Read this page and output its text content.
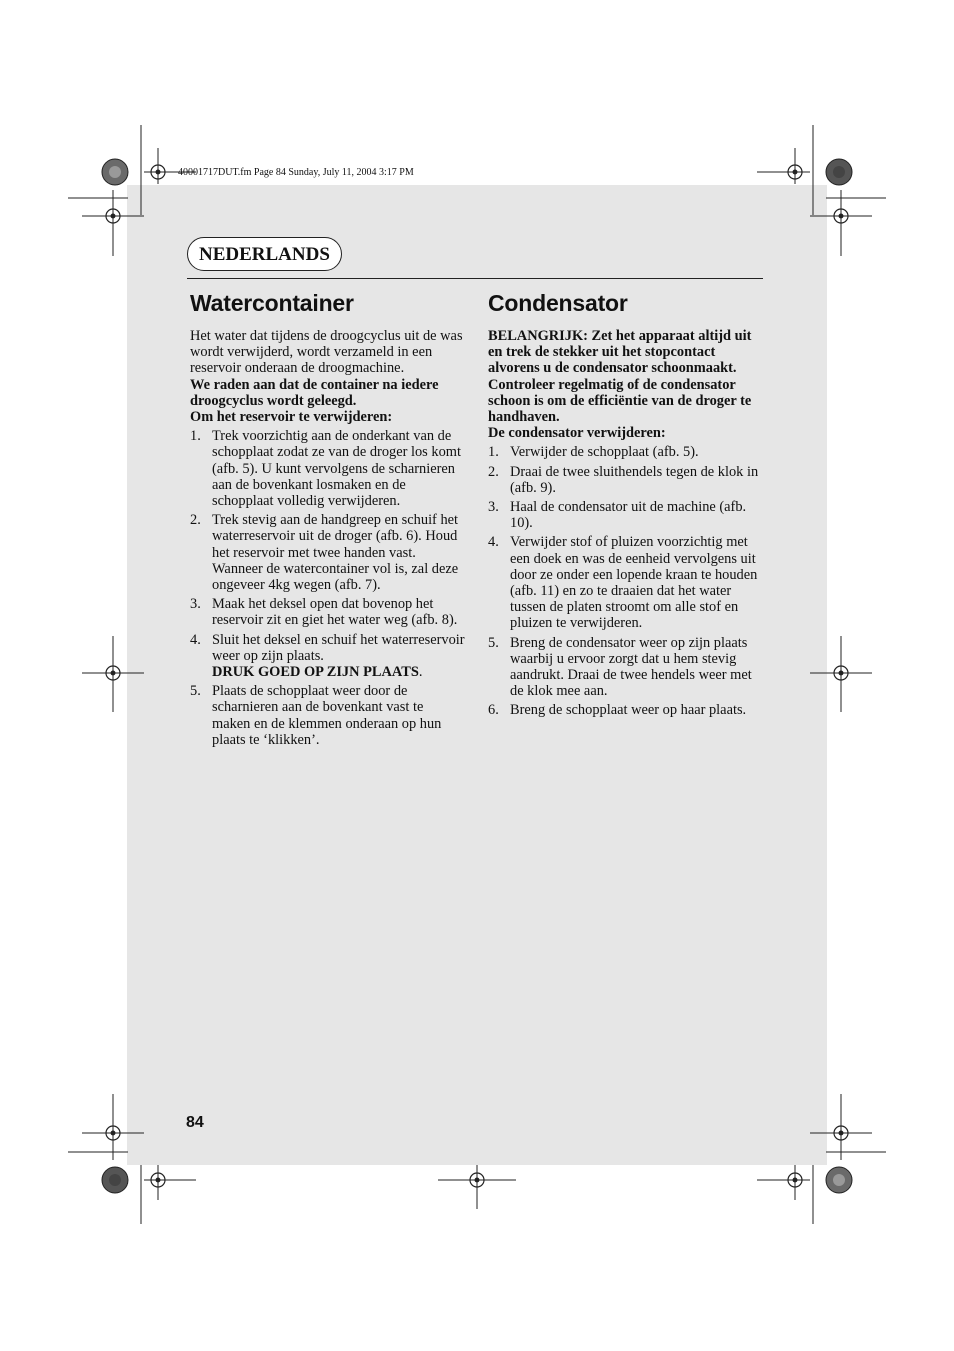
40001717DUT.fm Page 84 Sunday, July 11, 2004 3:17 PM
NEDERLANDS
Watercontainer

Het water dat tijdens de droogcyclus uit de was wordt verwijderd, wordt verzameld in een reservoir onderaan de droogmachine.

We raden aan dat de container na iedere droogcyclus wordt geleegd.

Om het reservoir te verwijderen:

1. Trek voorzichtig aan de onderkant van de schopplaat zodat ze van de droger los komt (afb. 5). U kunt vervolgens de scharnieren aan de bovenkant losmaken en de schopplaat volledig verwijderen.
2. Trek stevig aan de handgreep en schuif het waterreservoir uit de droger (afb. 6). Houd het reservoir met twee handen vast. Wanneer de watercontainer vol is, zal deze ongeveer 4kg wegen (afb. 7).
3. Maak het deksel open dat bovenop het reservoir zit en giet het water weg (afb. 8).
4. Sluit het deksel en schuif het waterreservoir weer op zijn plaats.
DRUK GOED OP ZIJN PLAATS.
5. Plaats de schopplaat weer door de scharnieren aan de bovenkant vast te maken en de klemmen onderaan op hun plaats te ‘klikken’.
Condensator

BELANGRIJK: Zet het apparaat altijd uit en trek de stekker uit het stopcontact alvorens u de condensator schoonmaakt.

Controleer regelmatig of de condensator schoon is om de efficiëntie van de droger te handhaven.

De condensator verwijderen:

1. Verwijder de schopplaat (afb. 5).
2. Draai de twee sluithendels tegen de klok in (afb. 9).
3. Haal de condensator uit de machine (afb. 10).
4. Verwijder stof of pluizen voorzichtig met een doek en was de eenheid vervolgens uit door ze onder een lopende kraan te houden (afb. 11) en zo te draaien dat het water tussen de platen stroomt om alle stof en pluizen te verwijderen.
5. Breng de condensator weer op zijn plaats waarbij u ervoor zorgt dat u hem stevig aandrukt. Draai de twee hendels weer met de klok mee aan.
6. Breng de schopplaat weer op haar plaats.
84
